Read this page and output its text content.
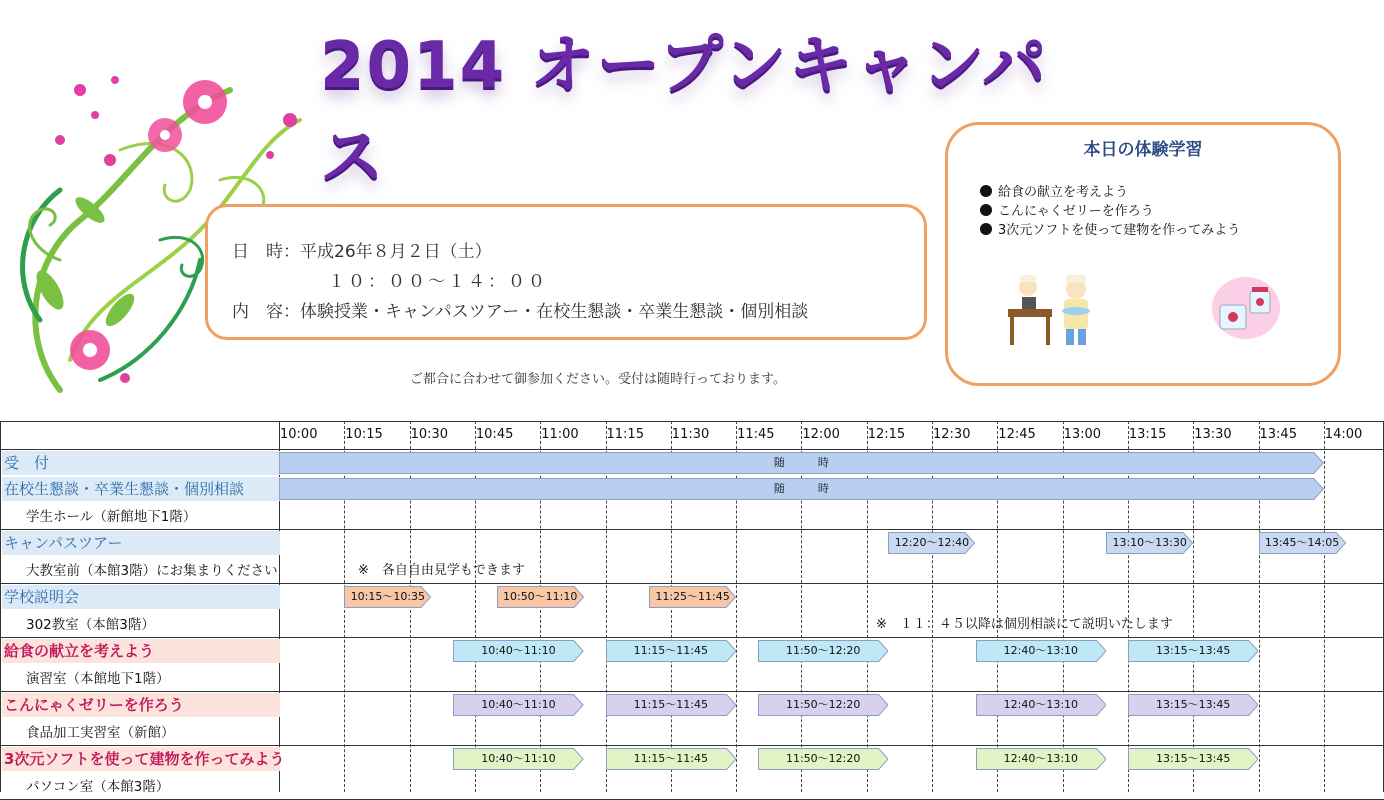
2014 オープンキャンパス
日　時：平成26年８月２日（土）
１０：００～１４：００
内　容：体験授業・キャンパスツアー・在校生懇談・卒業生懇談・個別相談
ご都合に合わせて御参加ください。受付は随時行っております。
本日の体験学習
給食の献立を考えよう
こんにゃくゼリーを作ろう
3次元ソフトを使って建物を作ってみよう
10:00 10:15 10:30 10:45 11:00 11:15 11:30 11:45 12:00 12:15 12:30 12:45 13:00 13:15 13:30 13:45 14:00
受　付	随　　　時
在校生懇談・卒業生懇談・個別相談
学生ホール（新館地下1階）
随　　　時
キャンパスツアー
大教室前（本館3階）にお集まりください
12:20～12:40	13:10～13:30	13:45～14:05
※　各自自由見学もできます
学校説明会
302教室（本館3階）
10:15～10:35	10:50～11:10	11:25～11:45
※　１１：４５以降は個別相談にて説明いたします
給食の献立を考えよう
演習室（本館地下1階）
10:40～11:10	11:15～11:45	11:50～12:20	12:40～13:10	13:15～13:45
こんにゃくゼリーを作ろう
食品加工実習室（新館）
10:40～11:10	11:15～11:45	11:50～12:20	12:40～13:10	13:15～13:45
3次元ソフトを使って建物を作ってみよう
パソコン室（本館3階）
10:40～11:10	11:15～11:45	11:50～12:20	12:40～13:10	13:15～13:45
